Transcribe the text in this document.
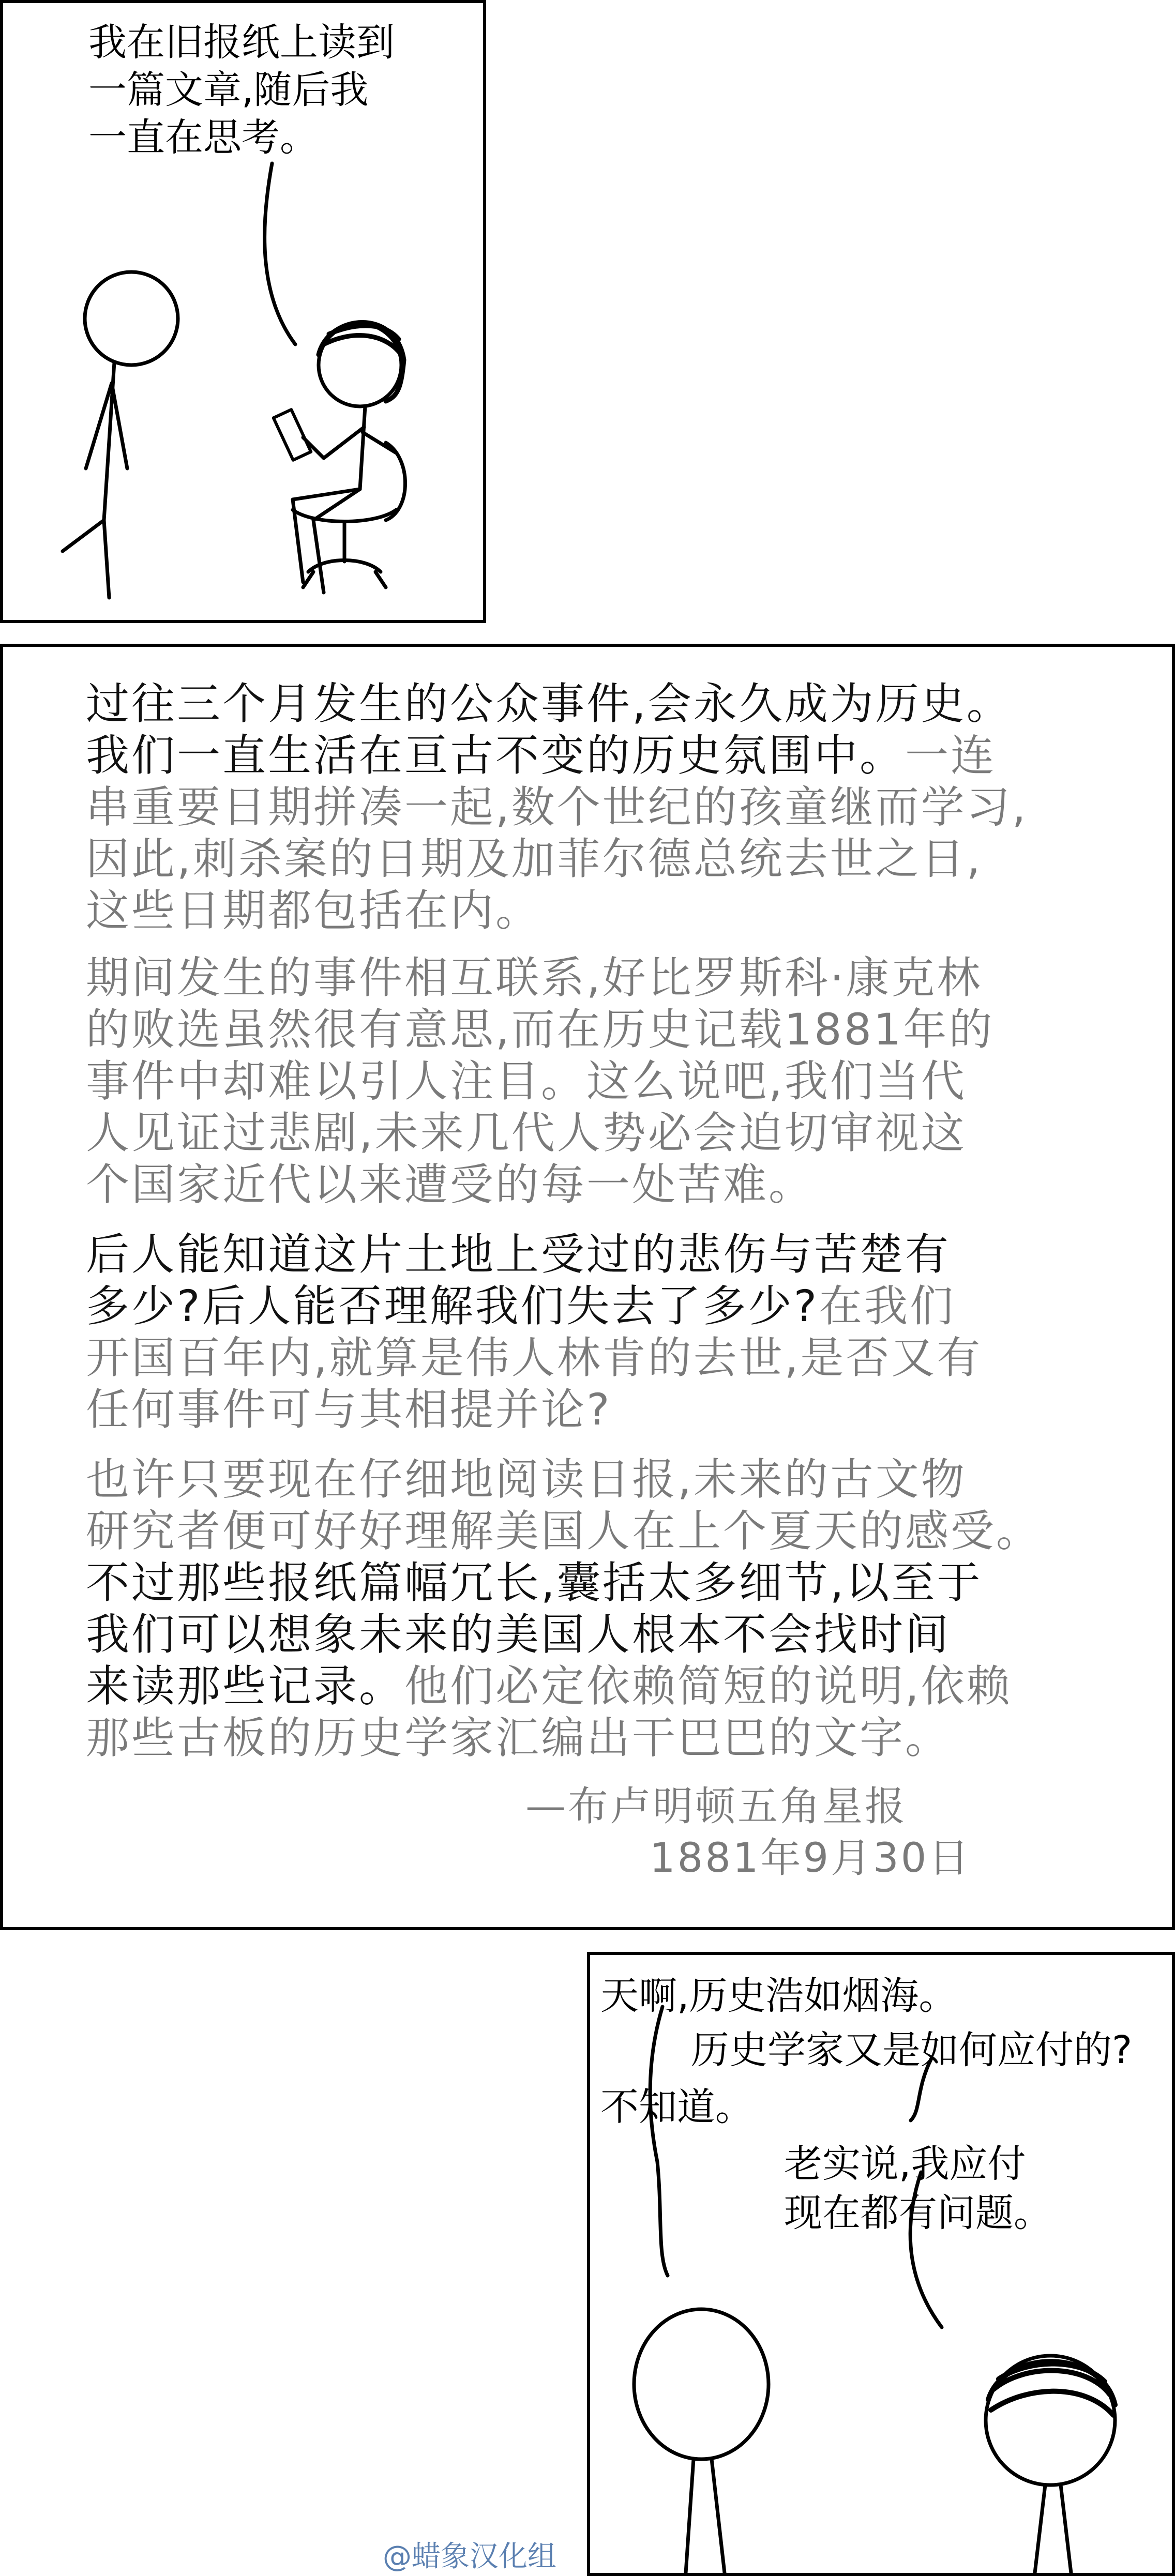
我在旧报纸上读到
一篇文章,随后我
一直在思考。
过往三个月发生的公众事件,会永久成为历史。
我们一直生活在亘古不变的历史氛围中。一连
串重要日期拼凑一起,数个世纪的孩童继而学习,
因此,刺杀案的日期及加菲尔德总统去世之日,
这些日期都包括在内。
期间发生的事件相互联系,好比罗斯科·康克林
的败选虽然很有意思,而在历史记载1881年的
事件中却难以引人注目。这么说吧,我们当代
人见证过悲剧,未来几代人势必会迫切审视这
个国家近代以来遭受的每一处苦难。
后人能知道这片土地上受过的悲伤与苦楚有
多少?后人能否理解我们失去了多少?在我们
开国百年内,就算是伟人林肯的去世,是否又有
任何事件可与其相提并论?
也许只要现在仔细地阅读日报,未来的古文物
研究者便可好好理解美国人在上个夏天的感受。
不过那些报纸篇幅冗长,囊括太多细节,以至于
我们可以想象未来的美国人根本不会找时间
来读那些记录。他们必定依赖简短的说明,依赖
那些古板的历史学家汇编出干巴巴的文字。
—布卢明顿五角星报
1881年9月30日
天啊,历史浩如烟海。
历史学家又是如何应付的?
不知道。
老实说,我应付
现在都有问题。
@蜡象汉化组
